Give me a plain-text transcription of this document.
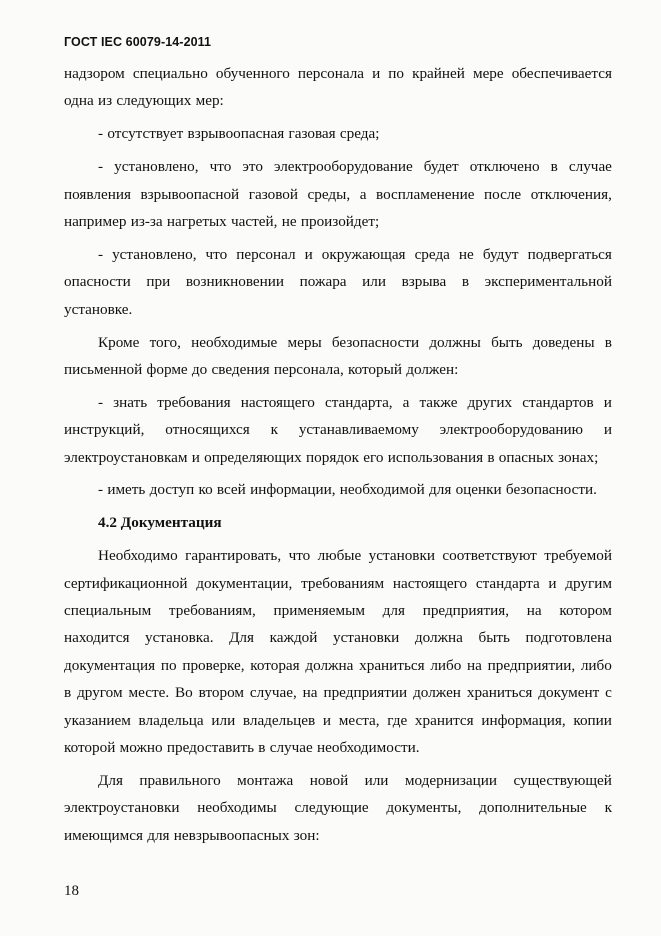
ГОСТ IEC 60079-14-2011
надзором специально обученного персонала и по крайней мере обеспечивается
одна из следующих мер:
- отсутствует взрывоопасная газовая среда;
- установлено, что это электрооборудование будет отключено в случае
появления взрывоопасной газовой среды, а воспламенение после отключения,
например из-за нагретых частей, не произойдет;
- установлено, что персонал и окружающая среда не будут подвергаться
опасности при возникновении пожара или взрыва в экспериментальной
установке.
Кроме того, необходимые меры безопасности должны быть доведены в
письменной форме до сведения персонала, который должен:
- знать требования настоящего стандарта, а также других стандартов и
инструкций, относящихся к устанавливаемому электрооборудованию и
электроустановкам и определяющих порядок его использования в опасных зонах;
- иметь доступ ко всей информации, необходимой для оценки безопасности.
4.2 Документация
Необходимо гарантировать, что любые установки соответствуют требуемой
сертификационной документации, требованиям настоящего стандарта и другим
специальным требованиям, применяемым для предприятия, на котором
находится установка. Для каждой установки должна быть подготовлена
документация по проверке, которая должна храниться либо на предприятии, либо
в другом месте. Во втором случае, на предприятии должен храниться документ с
указанием владельца или владельцев и места, где хранится информация, копии
которой можно предоставить в случае необходимости.
Для правильного монтажа новой или модернизации существующей
электроустановки необходимы следующие документы, дополнительные к
имеющимся для невзрывоопасных зон:
18
